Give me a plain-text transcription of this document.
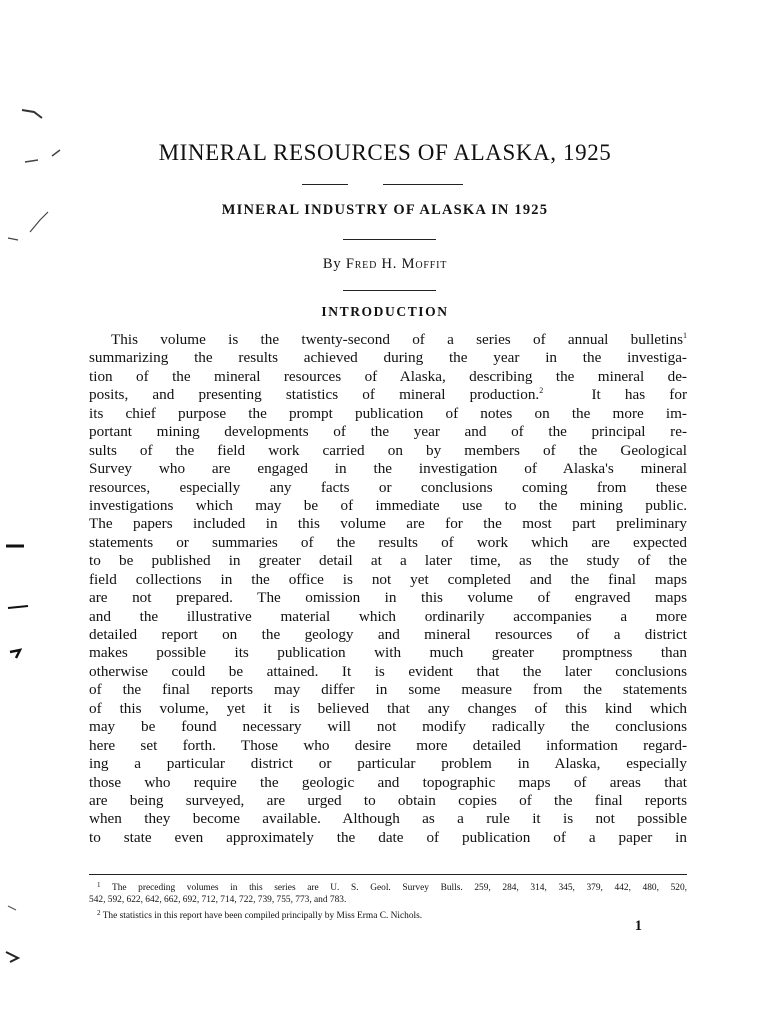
MINERAL RESOURCES OF ALASKA, 1925
MINERAL INDUSTRY OF ALASKA IN 1925

By Fred H. Moffit

INTRODUCTION
This volume is the twenty-second of a series of annual bulletins$^1$
summarizing the results achieved during the year in the investiga-
tion of the mineral resources of Alaska, describing the mineral de-
posits, and presenting statistics of mineral production.$^2$	It has for
its chief purpose the prompt publication of notes on the more im-
portant mining developments of the year and of the principal re-
sults of the field work carried on by members of the Geological
Survey who are engaged in the investigation of Alaska's mineral
resources, especially any facts or conclusions coming from these
investigations which may be of immediate use to the mining public.
The papers included in this volume are for the most part preliminary
statements or summaries of the results of work which are expected
to be published in greater detail at a later time, as the study of the
field collections in the office is not yet completed and the final maps
are not prepared. The omission in this volume of engraved maps
and the illustrative material which ordinarily accompanies a more
detailed report on the geology and mineral resources of a district
makes possible its publication with much greater promptness than
otherwise could be attained. It is evident that the later conclusions
of the final reports may differ in some measure from the statements
of this volume, yet it is believed that any changes of this kind which
may be found necessary will not modify radically the conclusions
here set forth. Those who desire more detailed information regard-
ing a particular district or particular problem in Alaska, especially
those who require the geologic and topographic maps of areas that
are being surveyed, are urged to obtain copies of the final reports
when they become available. Although as a rule it is not possible
to state even approximately the date of publication of a paper in
$^1$ The preceding volumes in this series are U. S. Geol. Survey Bulls. 259, 284, 314, 345, 379, 442, 480, 520,
542, 592, 622, 642, 662, 692, 712, 714, 722, 739, 755, 773, and 783.
$^2$ The statistics in this report have been compiled principally by Miss Erma C. Nichols.

1
